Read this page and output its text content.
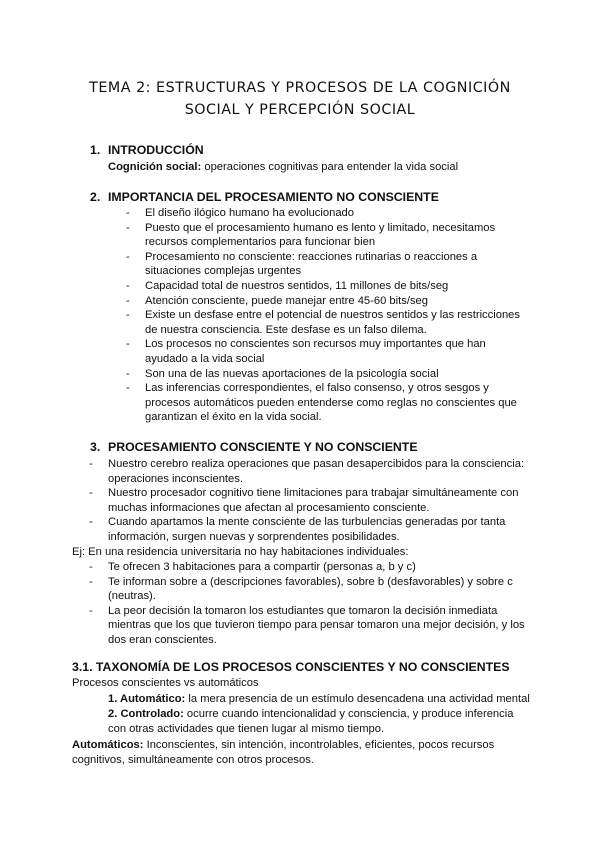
TEMA 2: ESTRUCTURAS Y PROCESOS DE LA COGNICIÓN
SOCIAL Y PERCEPCIÓN SOCIAL
1. INTRODUCCIÓN
Cognición social: operaciones cognitivas para entender la vida social
2. IMPORTANCIA DEL PROCESAMIENTO NO CONSCIENTE
- El diseño ilógico humano ha evolucionado
- Puesto que el procesamiento humano es lento y limitado, necesitamos
recursos complementarios para funcionar bien
- Procesamiento no consciente: reacciones rutinarias o reacciones a
situaciones complejas urgentes
- Capacidad total de nuestros sentidos, 11 millones de bits/seg
- Atención consciente, puede manejar entre 45-60 bits/seg
- Existe un desfase entre el potencial de nuestros sentidos y las restricciones
de nuestra consciencia. Este desfase es un falso dilema.
- Los procesos no conscientes son recursos muy importantes que han
ayudado a la vida social
- Son una de las nuevas aportaciones de la psicología social
- Las inferencias correspondientes, el falso consenso, y otros sesgos y
procesos automáticos pueden entenderse como reglas no conscientes que
garantizan el éxito en la vida social.
3. PROCESAMIENTO CONSCIENTE Y NO CONSCIENTE
- Nuestro cerebro realiza operaciones que pasan desapercibidos para la consciencia:
operaciones inconscientes.
- Nuestro procesador cognitivo tiene limitaciones para trabajar simultáneamente con
muchas informaciones que afectan al procesamiento consciente.
- Cuando apartamos la mente consciente de las turbulencias generadas por tanta
información, surgen nuevas y sorprendentes posibilidades.
Ej: En una residencia universitaria no hay habitaciones individuales:
- Te ofrecen 3 habitaciones para a compartir (personas a, b y c)
- Te informan sobre a (descripciones favorables), sobre b (desfavorables) y sobre c
(neutras).
- La peor decisión la tomaron los estudiantes que tomaron la decisión inmediata
mientras que los que tuvieron tiempo para pensar tomaron una mejor decisión, y los
dos eran conscientes.
3.1. TAXONOMÍA DE LOS PROCESOS CONSCIENTES Y NO CONSCIENTES
Procesos conscientes vs automáticos
1. Automático: la mera presencia de un estímulo desencadena una actividad mental
2. Controlado: ocurre cuando intencionalidad y consciencia, y produce inferencia
con otras actividades que tienen lugar al mismo tiempo.
Automáticos: Inconscientes, sin intención, incontrolables, eficientes, pocos recursos
cognitivos, simultáneamente con otros procesos.
